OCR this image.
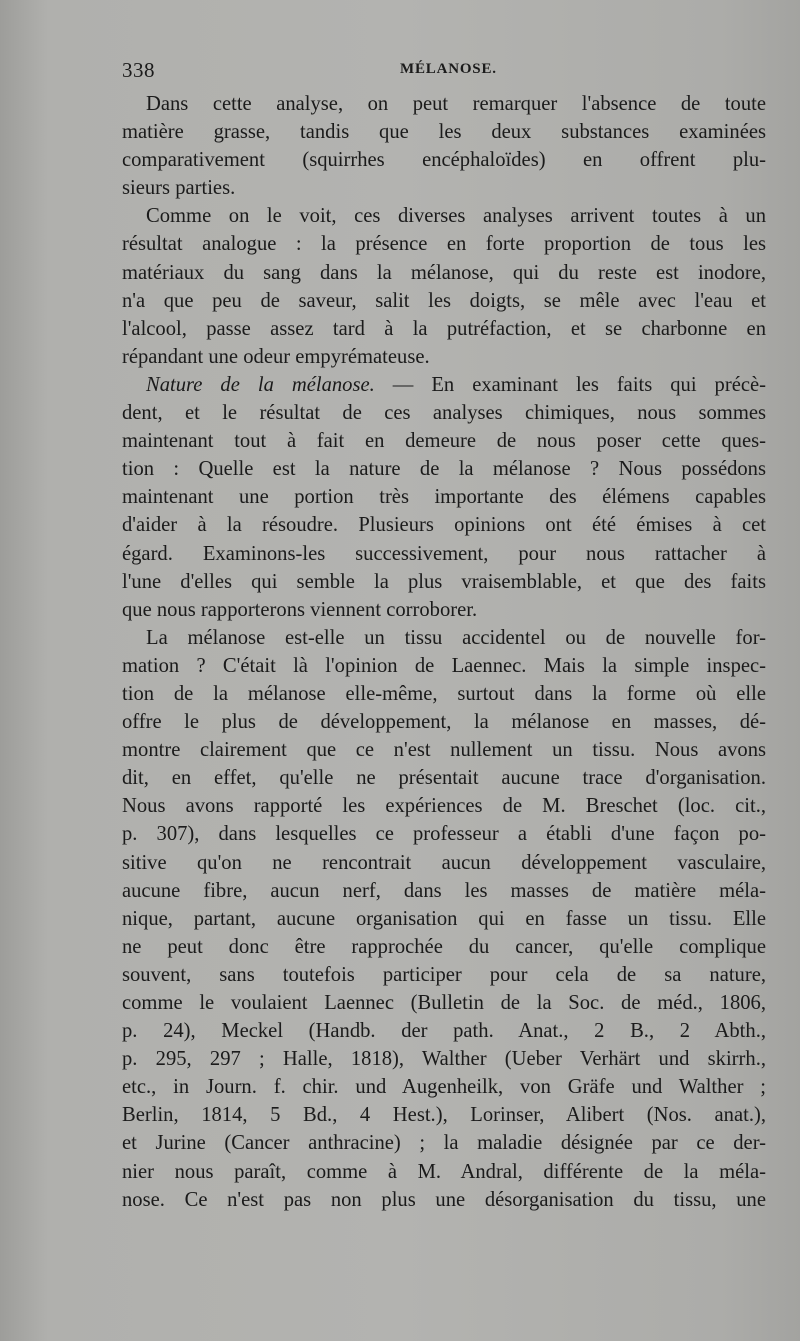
338	MÉLANOSE.

Dans cette analyse, on peut remarquer l'absence de toute
matière grasse, tandis que les deux substances examinées
comparativement (squirrhes encéphaloïdes) en offrent plu-
sieurs parties.

Comme on le voit, ces diverses analyses arrivent toutes à un
résultat analogue : la présence en forte proportion de tous les
matériaux du sang dans la mélanose, qui du reste est inodore,
n'a que peu de saveur, salit les doigts, se mêle avec l'eau et
l'alcool, passe assez tard à la putréfaction, et se charbonne en
répandant une odeur empyrémateuse.

Nature de la mélanose. — En examinant les faits qui précè-
dent, et le résultat de ces analyses chimiques, nous sommes
maintenant tout à fait en demeure de nous poser cette ques-
tion : Quelle est la nature de la mélanose ? Nous possédons
maintenant une portion très importante des élémens capables
d'aider à la résoudre. Plusieurs opinions ont été émises à cet
égard. Examinons-les successivement, pour nous rattacher à
l'une d'elles qui semble la plus vraisemblable, et que des faits
que nous rapporterons viennent corroborer.

La mélanose est-elle un tissu accidentel ou de nouvelle for-
mation ? C'était là l'opinion de Laennec. Mais la simple inspec-
tion de la mélanose elle-même, surtout dans la forme où elle
offre le plus de développement, la mélanose en masses, dé-
montre clairement que ce n'est nullement un tissu. Nous avons
dit, en effet, qu'elle ne présentait aucune trace d'organisation.
Nous avons rapporté les expériences de M. Breschet (loc. cit.,
p. 307), dans lesquelles ce professeur a établi d'une façon po-
sitive qu'on ne rencontrait aucun développement vasculaire,
aucune fibre, aucun nerf, dans les masses de matière méla-
nique, partant, aucune organisation qui en fasse un tissu. Elle
ne peut donc être rapprochée du cancer, qu'elle complique
souvent, sans toutefois participer pour cela de sa nature,
comme le voulaient Laennec (Bulletin de la Soc. de méd., 1806,
p. 24), Meckel (Handb. der path. Anat., 2 B., 2 Abth.,
p. 295, 297 ; Halle, 1818), Walther (Ueber Verhärt und skirrh.,
etc., in Journ. f. chir. und Augenheilk, von Gräfe und Walther ;
Berlin, 1814, 5 Bd., 4 Hest.), Lorinser, Alibert (Nos. anat.),
et Jurine (Cancer anthracine) ; la maladie désignée par ce der-
nier nous paraît, comme à M. Andral, différente de la méla-
nose. Ce n'est pas non plus une désorganisation du tissu, une
